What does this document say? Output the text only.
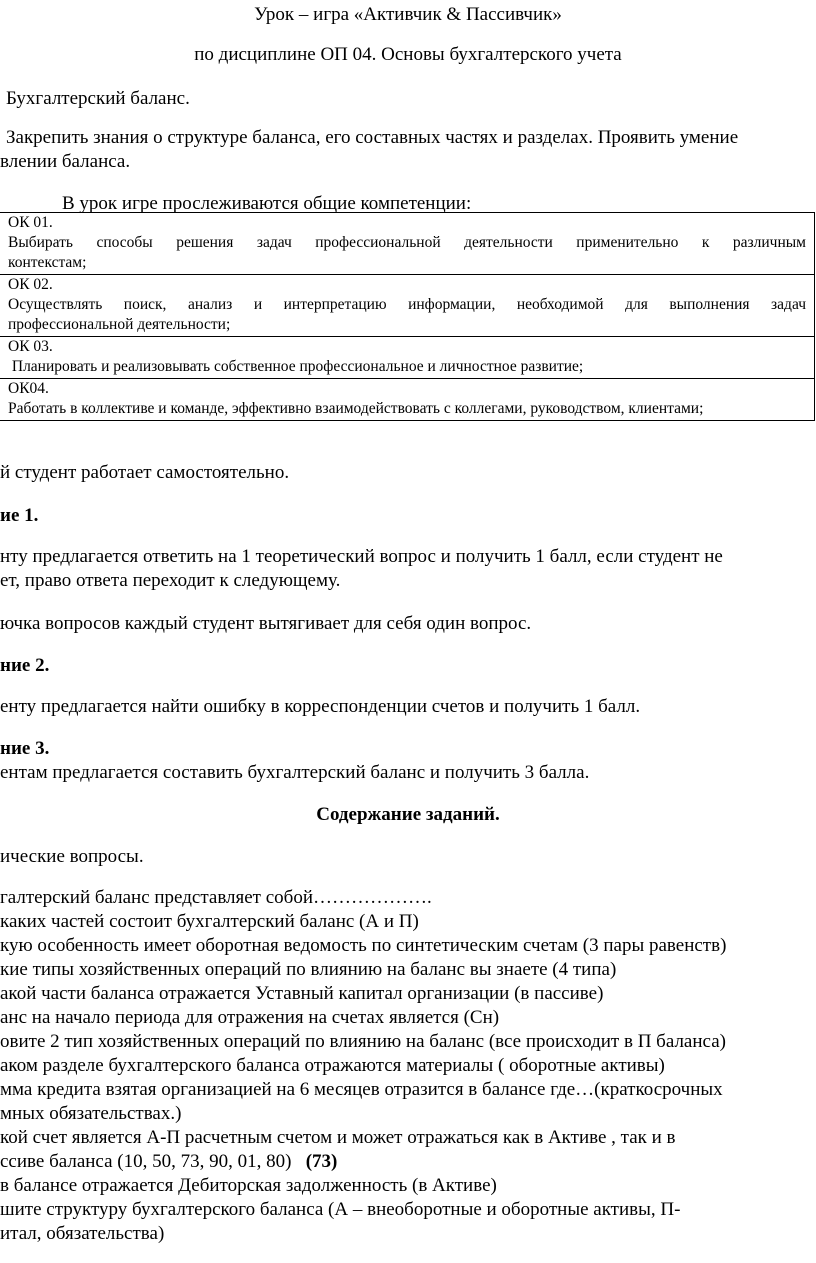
Урок – игра «Активчик & Пассивчик»
по дисциплине ОП 04. Основы бухгалтерского учета
Бухгалтерский баланс.
Закрепить знания о структуре баланса, его составных частях и разделах. Проявить умение
влении баланса.
В урок игре прослеживаются общие компетенции:
ОК 01.
Выбирать способы решения задач профессиональной деятельности применительно к различным
контекстам;

ОК 02.
Осуществлять поиск, анализ и интерпретацию информации, необходимой для выполнения задач
профессиональной деятельности;

ОК 03.
Планировать и реализовывать собственное профессиональное и личностное развитие;

ОК04.
Работать в коллективе и команде, эффективно взаимодействовать с коллегами, руководством, клиентами;
й студент работает самостоятельно.
ие 1.
нту предлагается ответить на 1 теоретический вопрос и получить 1 балл, если студент не
ет, право ответа переходит к следующему.
ючка вопросов каждый студент вытягивает для себя один вопрос.
ние 2.
енту предлагается найти ошибку в корреспонденции счетов и получить 1 балл.
ние 3.
ентам предлагается составить бухгалтерский баланс и получить 3 балла.
Содержание заданий.
ические вопросы.
галтерский баланс представляет собой……………….
каких частей состоит бухгалтерский баланс (А и П)
кую особенность имеет оборотная ведомость по синтетическим счетам (3 пары равенств)
кие типы хозяйственных операций по влиянию на баланс вы знаете (4 типа)
акой части баланса отражается Уставный капитал организации (в пассиве)
анс на начало периода для отражения на счетах является (Сн)
овите 2 тип хозяйственных операций по влиянию на баланс (все происходит в П баланса)
аком разделе бухгалтерского баланса отражаются материалы ( оборотные активы)
мма кредита взятая организацией на 6 месяцев отразится в балансе где…(краткосрочных
мных обязательствах.)
кой счет является А-П расчетным счетом и может отражаться как в Активе , так и в
ссиве баланса (10, 50, 73, 90, 01, 80) (73)
в балансе отражается Дебиторская задолженность (в Активе)
шите структуру бухгалтерского баланса (А – внеоборотные и оборотные активы, П-
итал, обязательства)
